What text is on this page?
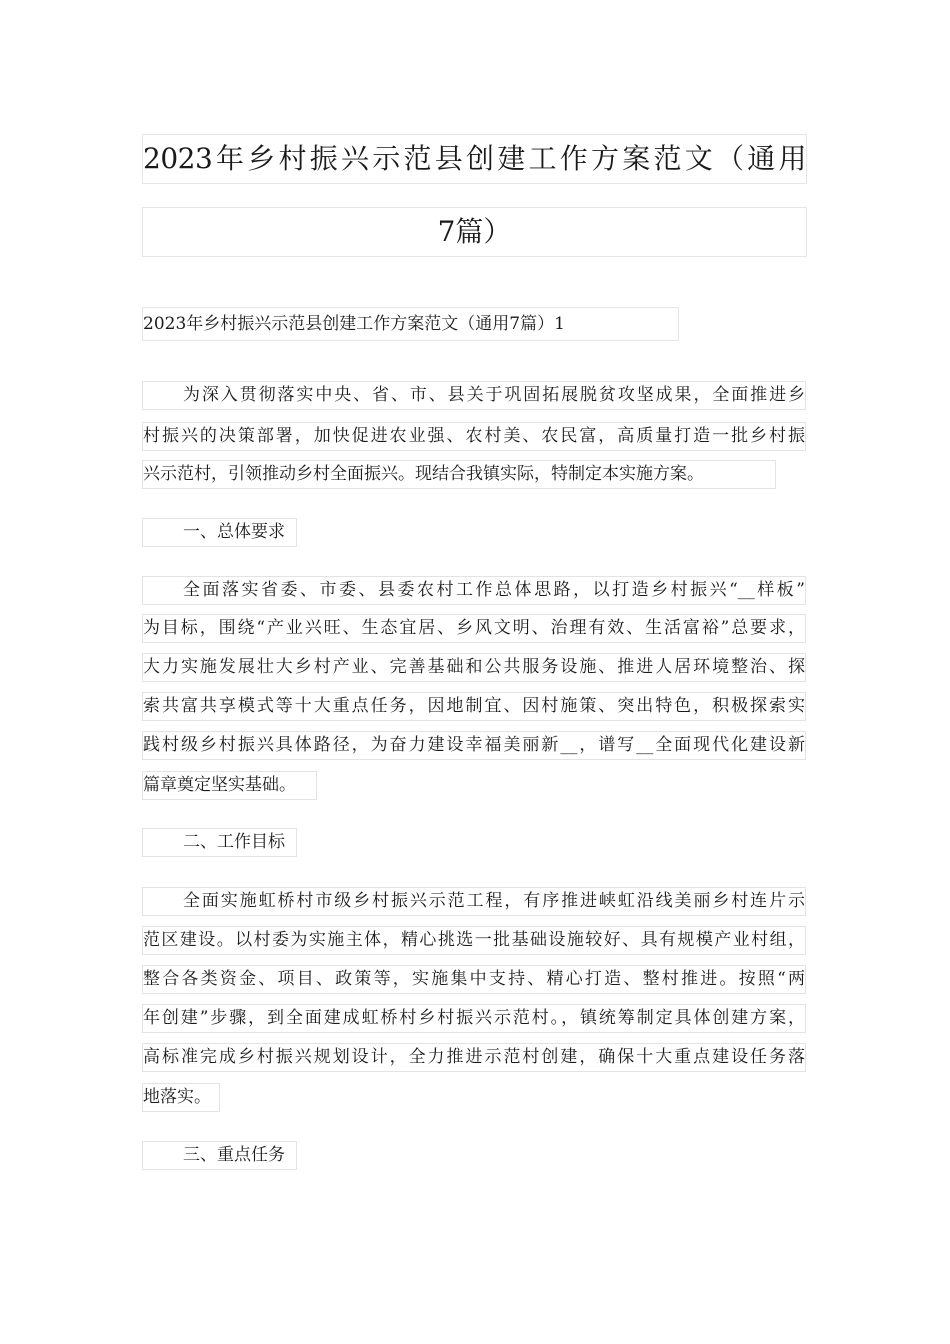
2023年乡村振兴示范县创建工作方案范文（通用
7篇）
2023年乡村振兴示范县创建工作方案范文（通用7篇）1
为深入贯彻落实中央、省、市、县关于巩固拓展脱贫攻坚成果，全面推进乡
村振兴的决策部署，加快促进农业强、农村美、农民富，高质量打造一批乡村振
兴示范村，引领推动乡村全面振兴。现结合我镇实际，特制定本实施方案。
一、总体要求
全面落实省委、市委、县委农村工作总体思路，以打造乡村振兴“__样板”
为目标，围绕“产业兴旺、生态宜居、乡风文明、治理有效、生活富裕”总要求，
大力实施发展壮大乡村产业、完善基础和公共服务设施、推进人居环境整治、探
索共富共享模式等十大重点任务，因地制宜、因村施策、突出特色，积极探索实
践村级乡村振兴具体路径，为奋力建设幸福美丽新__，谱写__全面现代化建设新
篇章奠定坚实基础。
二、工作目标
全面实施虹桥村市级乡村振兴示范工程，有序推进峡虹沿线美丽乡村连片示
范区建设。以村委为实施主体，精心挑选一批基础设施较好、具有规模产业村组，
整合各类资金、项目、政策等，实施集中支持、精心打造、整村推进。按照“两
年创建”步骤，到全面建成虹桥村乡村振兴示范村。，镇统筹制定具体创建方案，
高标准完成乡村振兴规划设计，全力推进示范村创建，确保十大重点建设任务落
地落实。
三、重点任务
